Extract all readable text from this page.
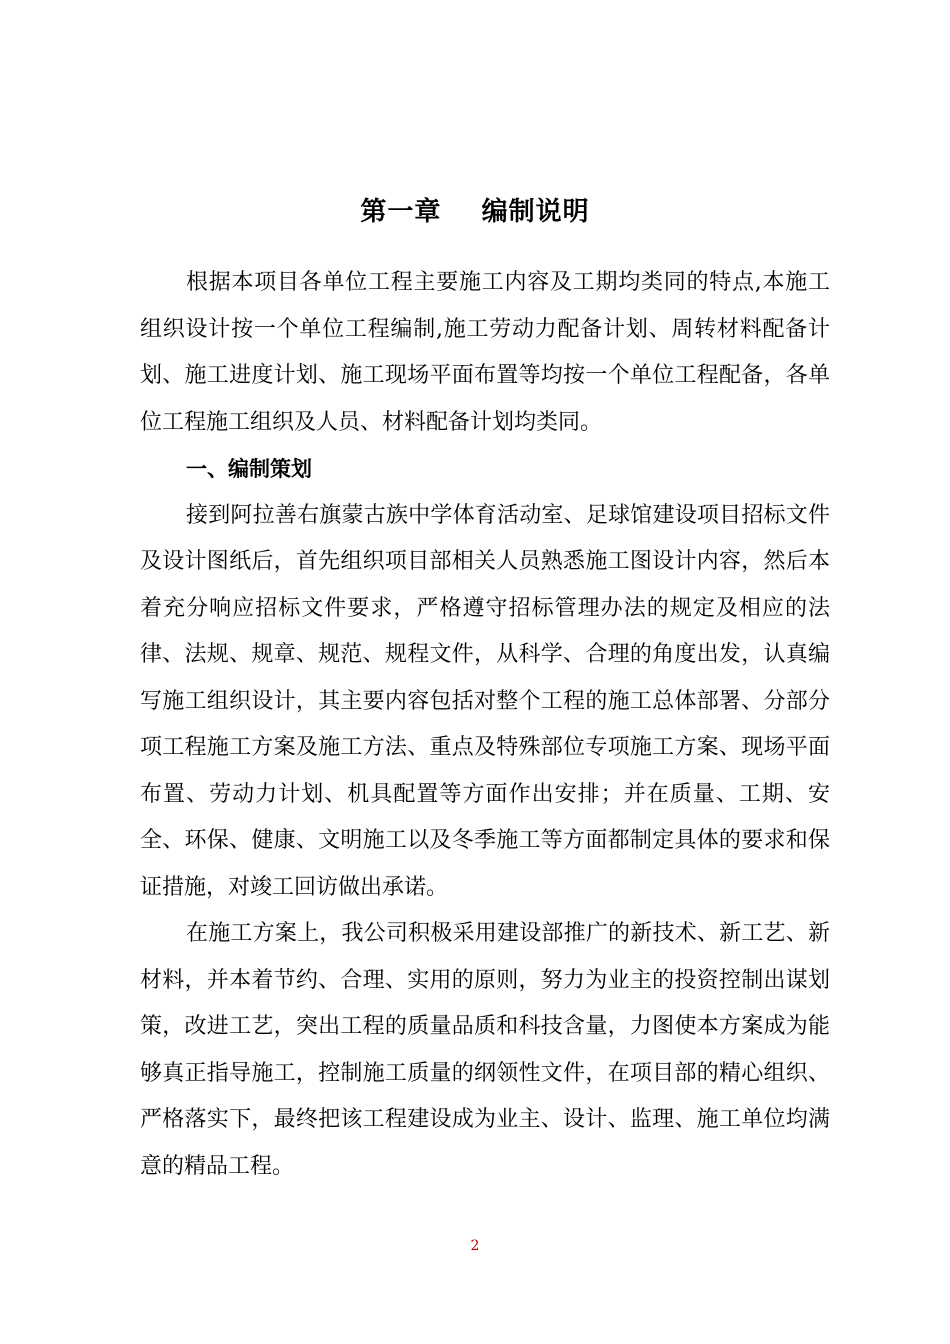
第一章    编制说明

根据本项目各单位工程主要施工内容及工期均类同的特点,本施工组织设计按一个单位工程编制,施工劳动力配备计划、周转材料配备计划、施工进度计划、施工现场平面布置等均按一个单位工程配备，各单位工程施工组织及人员、材料配备计划均类同。

一、编制策划

接到阿拉善右旗蒙古族中学体育活动室、足球馆建设项目招标文件及设计图纸后，首先组织项目部相关人员熟悉施工图设计内容，然后本着充分响应招标文件要求，严格遵守招标管理办法的规定及相应的法律、法规、规章、规范、规程文件，从科学、合理的角度出发，认真编写施工组织设计，其主要内容包括对整个工程的施工总体部署、分部分项工程施工方案及施工方法、重点及特殊部位专项施工方案、现场平面布置、劳动力计划、机具配置等方面作出安排；并在质量、工期、安全、环保、健康、文明施工以及冬季施工等方面都制定具体的要求和保证措施，对竣工回访做出承诺。

在施工方案上，我公司积极采用建设部推广的新技术、新工艺、新材料，并本着节约、合理、实用的原则，努力为业主的投资控制出谋划策，改进工艺，突出工程的质量品质和科技含量，力图使本方案成为能够真正指导施工，控制施工质量的纲领性文件，在项目部的精心组织、严格落实下，最终把该工程建设成为业主、设计、监理、施工单位均满意的精品工程。

2
